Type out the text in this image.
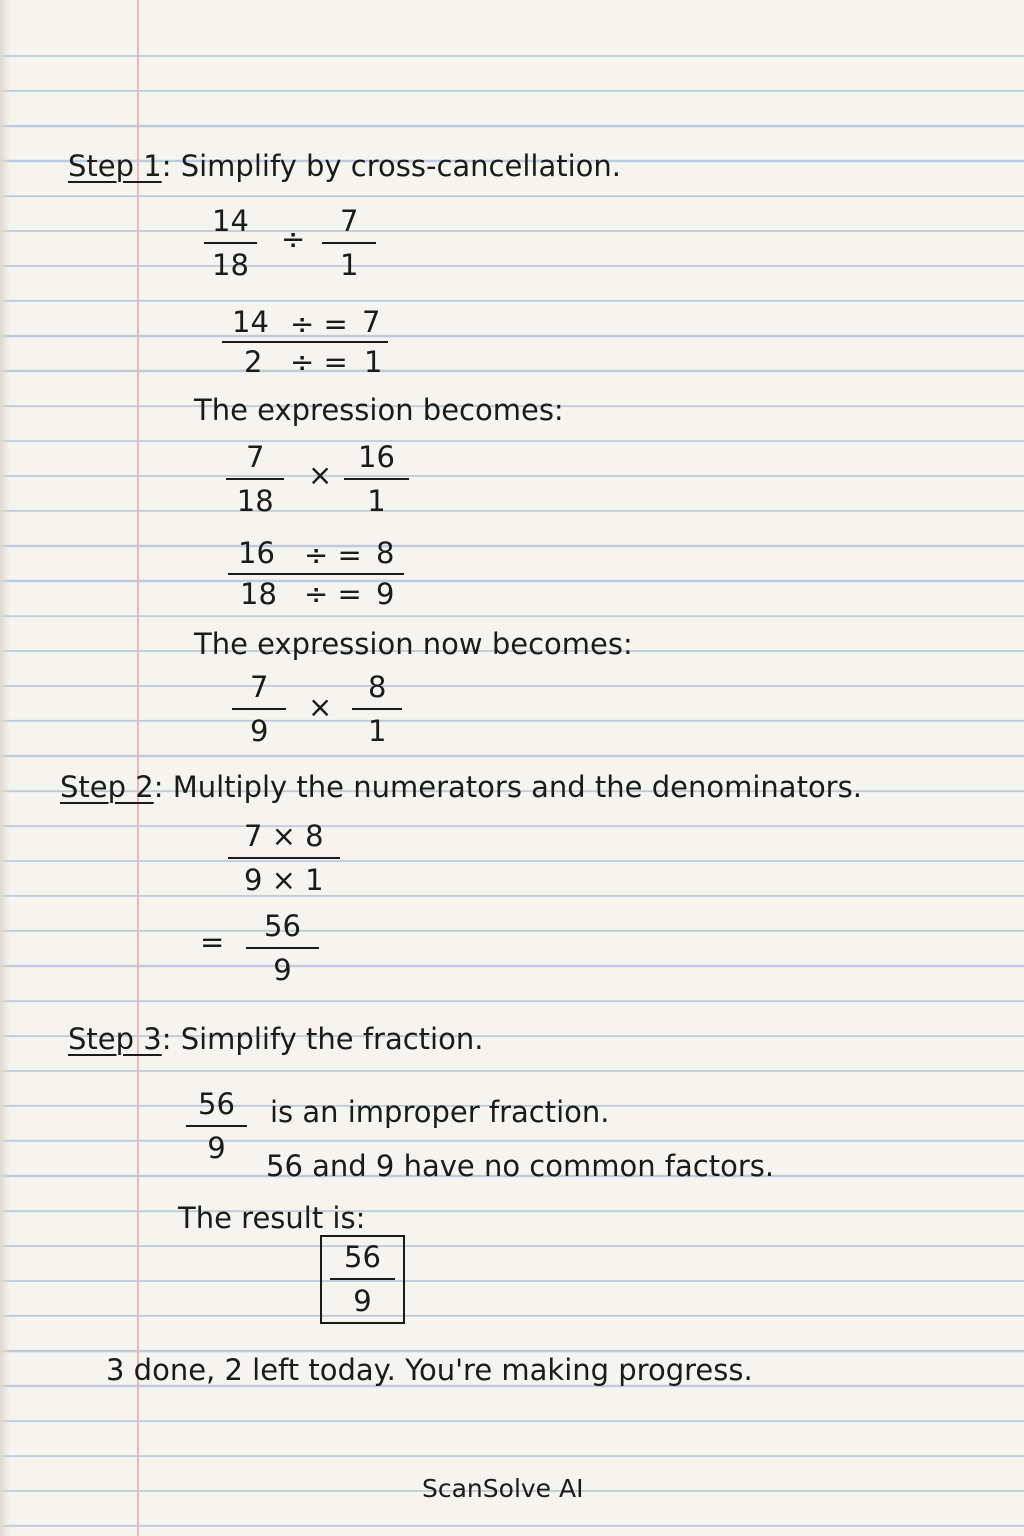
Step 1: Simplify by cross-cancellation.
$\frac{14}{18} \div \frac{7}{1}$
14 ÷ = 7
2 ÷ = 1
The expression becomes:
$\frac{7}{18} \times \frac{16}{1}$
16 ÷ = 8
18 ÷ = 9
The expression now becomes:
$\frac{7}{9} \times \frac{8}{1}$
Step 2: Multiply the numerators and the denominators.
$\frac{7 \times 8}{9 \times 1}$
= $\frac{56}{9}$
Step 3: Simplify the fraction.
$\frac{56}{9}$ is an improper fraction.
56 and 9 have no common factors.
The result is:
56
9
3 done, 2 left today. You're making progress.
ScanSolve AI
